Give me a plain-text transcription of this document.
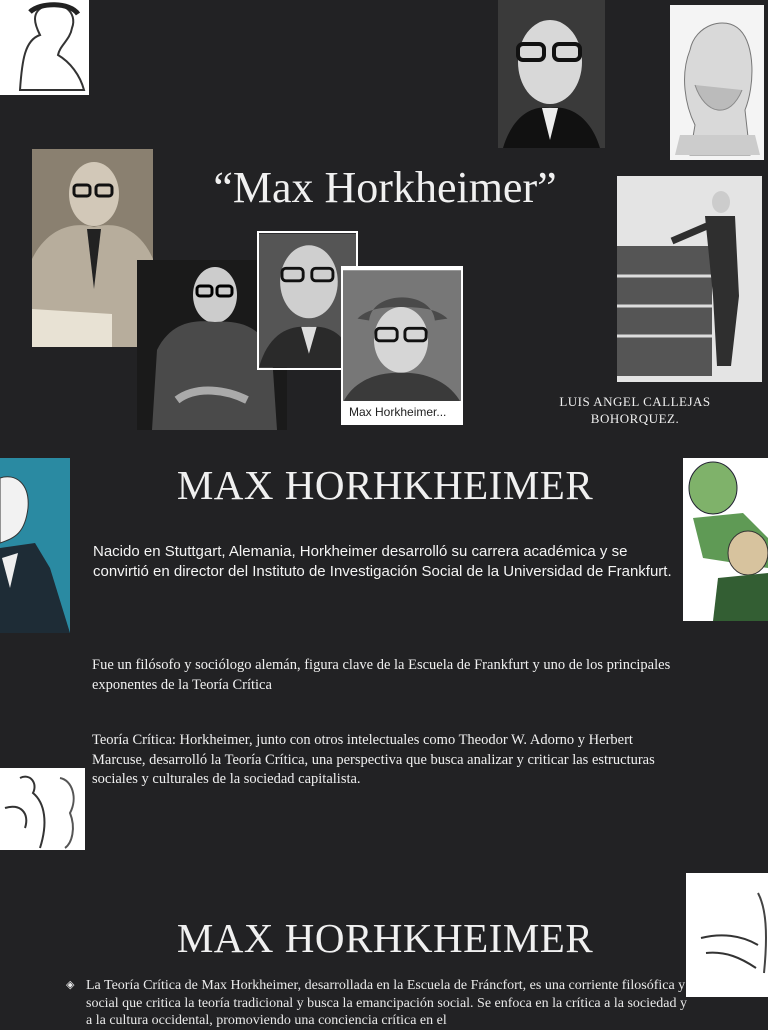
“Max Horkheimer”
Max Horkheimer...
LUIS ANGEL CALLEJAS
BOHORQUEZ.
MAX HORHKHEIMER
Nacido en Stuttgart, Alemania, Horkheimer desarrolló su carrera académica y se convirtió en director del Instituto de Investigación Social de la Universidad de Frankfurt.
Fue un filósofo y sociólogo alemán, figura clave de la Escuela de Frankfurt y uno de los principales exponentes de la Teoría Crítica
Teoría Crítica: Horkheimer, junto con otros intelectuales como Theodor W. Adorno y Herbert Marcuse, desarrolló la Teoría Crítica, una perspectiva que busca analizar y criticar las estructuras sociales y culturales de la sociedad capitalista.
MAX HORHKHEIMER
◈ La Teoría Crítica de Max Horkheimer, desarrollada en la Escuela de Fráncfort, es una corriente filosófica y social que critica la teoría tradicional y busca la emancipación social. Se enfoca en la crítica a la sociedad y a la cultura occidental, promoviendo una conciencia crítica en el
